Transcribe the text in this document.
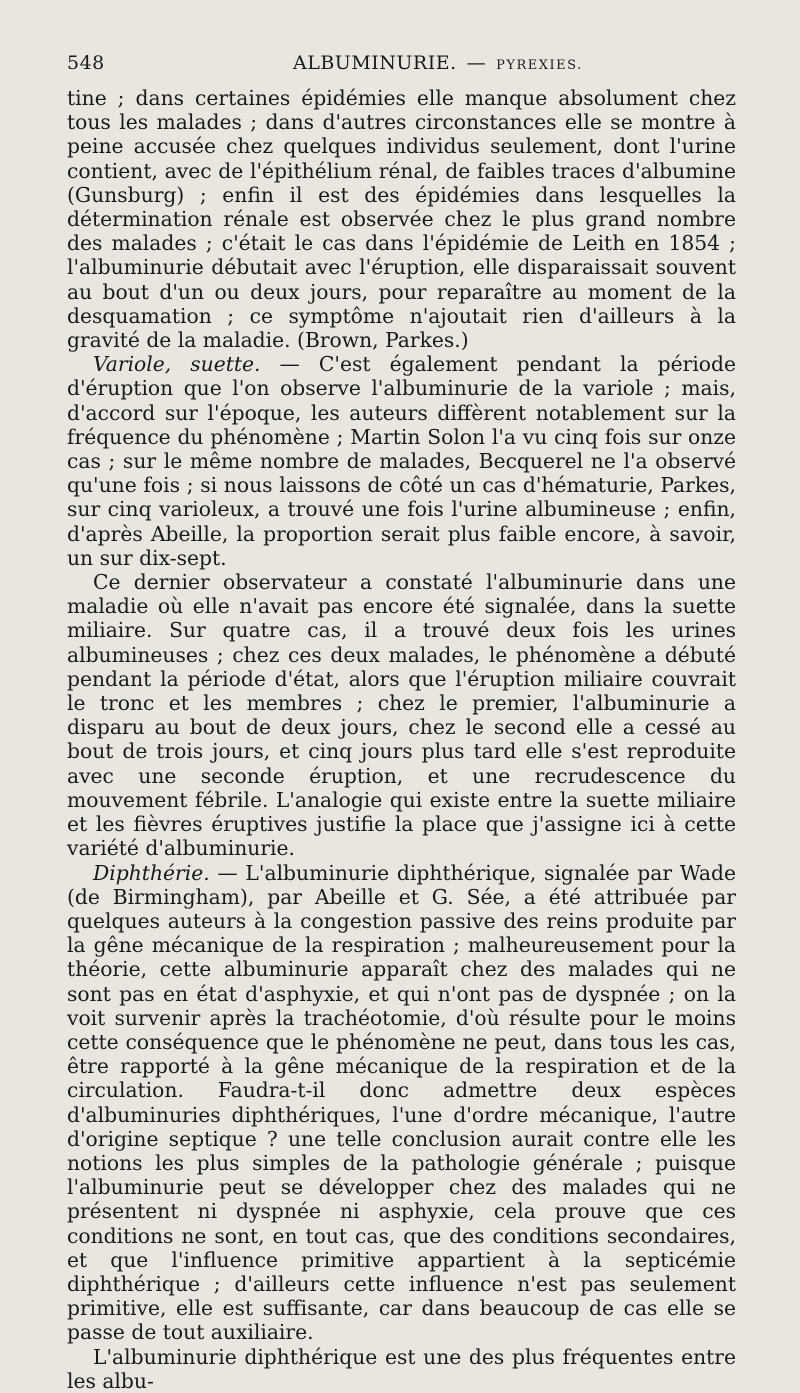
548	ALBUMINURIE. — PYREXIES.

tine ; dans certaines épidémies elle manque absolument chez tous les malades ; dans d'autres circonstances elle se montre à peine accusée chez quelques individus seulement, dont l'urine contient, avec de l'épithélium rénal, de faibles traces d'albumine (Gunsburg) ; enfin il est des épidémies dans lesquelles la détermination rénale est observée chez le plus grand nombre des malades ; c'était le cas dans l'épidémie de Leith en 1854 ; l'albuminurie débutait avec l'éruption, elle disparaissait souvent au bout d'un ou deux jours, pour reparaître au moment de la desquamation ; ce symptôme n'ajoutait rien d'ailleurs à la gravité de la maladie. (Brown, Parkes.)

Variole, suette. — C'est également pendant la période d'éruption que l'on observe l'albuminurie de la variole ; mais, d'accord sur l'époque, les auteurs diffèrent notablement sur la fréquence du phénomène ; Martin Solon l'a vu cinq fois sur onze cas ; sur le même nombre de malades, Becquerel ne l'a observé qu'une fois ; si nous laissons de côté un cas d'hématurie, Parkes, sur cinq varioleux, a trouvé une fois l'urine albumineuse ; enfin, d'après Abeille, la proportion serait plus faible encore, à savoir, un sur dix-sept.

Ce dernier observateur a constaté l'albuminurie dans une maladie où elle n'avait pas encore été signalée, dans la suette miliaire. Sur quatre cas, il a trouvé deux fois les urines albumineuses ; chez ces deux malades, le phénomène a débuté pendant la période d'état, alors que l'éruption miliaire couvrait le tronc et les membres ; chez le premier, l'albuminurie a disparu au bout de deux jours, chez le second elle a cessé au bout de trois jours, et cinq jours plus tard elle s'est reproduite avec une seconde éruption, et une recrudescence du mouvement fébrile. L'analogie qui existe entre la suette miliaire et les fièvres éruptives justifie la place que j'assigne ici à cette variété d'albuminurie.

Diphthérie. — L'albuminurie diphthérique, signalée par Wade (de Birmingham), par Abeille et G. Sée, a été attribuée par quelques auteurs à la congestion passive des reins produite par la gêne mécanique de la respiration ; malheureusement pour la théorie, cette albuminurie apparaît chez des malades qui ne sont pas en état d'asphyxie, et qui n'ont pas de dyspnée ; on la voit survenir après la trachéotomie, d'où résulte pour le moins cette conséquence que le phénomène ne peut, dans tous les cas, être rapporté à la gêne mécanique de la respiration et de la circulation. Faudra-t-il donc admettre deux espèces d'albuminuries diphthériques, l'une d'ordre mécanique, l'autre d'origine septique ? une telle conclusion aurait contre elle les notions les plus simples de la pathologie générale ; puisque l'albuminurie peut se développer chez des malades qui ne présentent ni dyspnée ni asphyxie, cela prouve que ces conditions ne sont, en tout cas, que des conditions secondaires, et que l'influence primitive appartient à la septicémie diphthérique ; d'ailleurs cette influence n'est pas seulement primitive, elle est suffisante, car dans beaucoup de cas elle se passe de tout auxiliaire.

L'albuminurie diphthérique est une des plus fréquentes entre les albu-
